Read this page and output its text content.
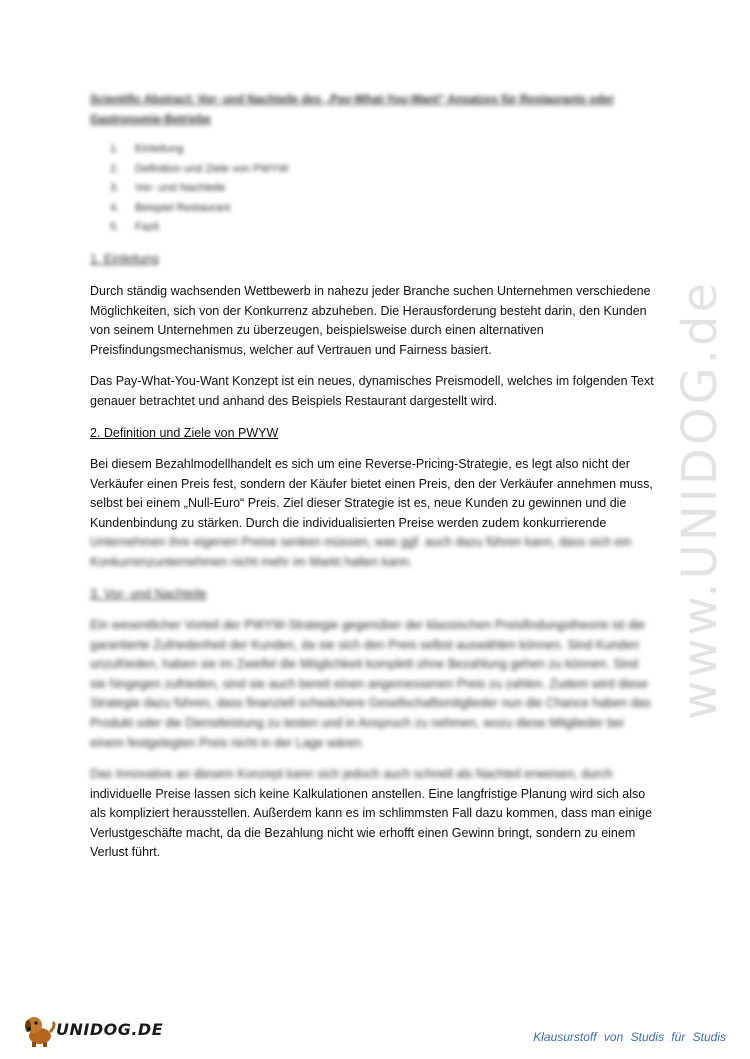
Scientific Abstract: Vor- und Nachteile des „Pay-What-You-Want“ Ansatzes für Restaurants oder Gastronomie-Betriebe
1. Einleitung
2. Definition und Ziele von PWYW
3. Vor- und Nachteile
4. Beispiel Restaurant
5. Fazit
1. Einleitung
Durch ständig wachsenden Wettbewerb in nahezu jeder Branche suchen Unternehmen verschiedene
Möglichkeiten, sich von der Konkurrenz abzuheben. Die Herausforderung besteht darin, den Kunden
von seinem Unternehmen zu überzeugen, beispielsweise durch einen alternativen
Preisfindungsmechanismus, welcher auf Vertrauen und Fairness basiert.
Das Pay-What-You-Want Konzept ist ein neues, dynamisches Preismodell, welches im folgenden Text
genauer betrachtet und anhand des Beispiels Restaurant dargestellt wird.
2. Definition und Ziele von PWYW
Bei diesem Bezahlmodellhandelt es sich um eine Reverse-Pricing-Strategie, es legt also nicht der
Verkäufer einen Preis fest, sondern der Käufer bietet einen Preis, den der Verkäufer annehmen muss,
selbst bei einem „Null-Euro“ Preis. Ziel dieser Strategie ist es, neue Kunden zu gewinnen und die
Kundenbindung zu stärken. Durch die individualisierten Preise werden zudem konkurrierende
Unternehmen ihre eigenen Preise senken müssen, was ggf. auch dazu führen kann, dass sich ein
Konkurrenzunternehmen nicht mehr im Markt halten kann.
3. Vor- und Nachteile
Ein wesentlicher Vorteil der PWYW-Strategie gegenüber der klassischen Preisfindungstheorie ist die
garantierte Zufriedenheit der Kunden, da sie sich den Preis selbst auswählen können. Sind Kunden
unzufrieden, haben sie im Zweifel die Möglichkeit komplett ohne Bezahlung gehen zu können. Sind
sie hingegen zufrieden, sind sie auch bereit einen angemessenen Preis zu zahlen. Zudem wird diese
Strategie dazu führen, dass finanziell schwächere Gesellschaftsmitglieder nun die Chance haben das
Produkt oder die Dienstleistung zu testen und in Anspruch zu nehmen, wozu diese Mitglieder bei
einem festgelegten Preis nicht in der Lage wären.
Das Innovative an diesem Konzept kann sich jedoch auch schnell als Nachteil erweisen, durch
individuelle Preise lassen sich keine Kalkulationen anstellen. Eine langfristige Planung wird sich also
als kompliziert herausstellen. Außerdem kann es im schlimmsten Fall dazu kommen, dass man einige
Verlustgeschäfte macht, da die Bezahlung nicht wie erhofft einen Gewinn bringt, sondern zu einem
Verlust führt.
www.UNIDOG.de
UNIDOG.DE	Klausurstoff von Studis für Studis
